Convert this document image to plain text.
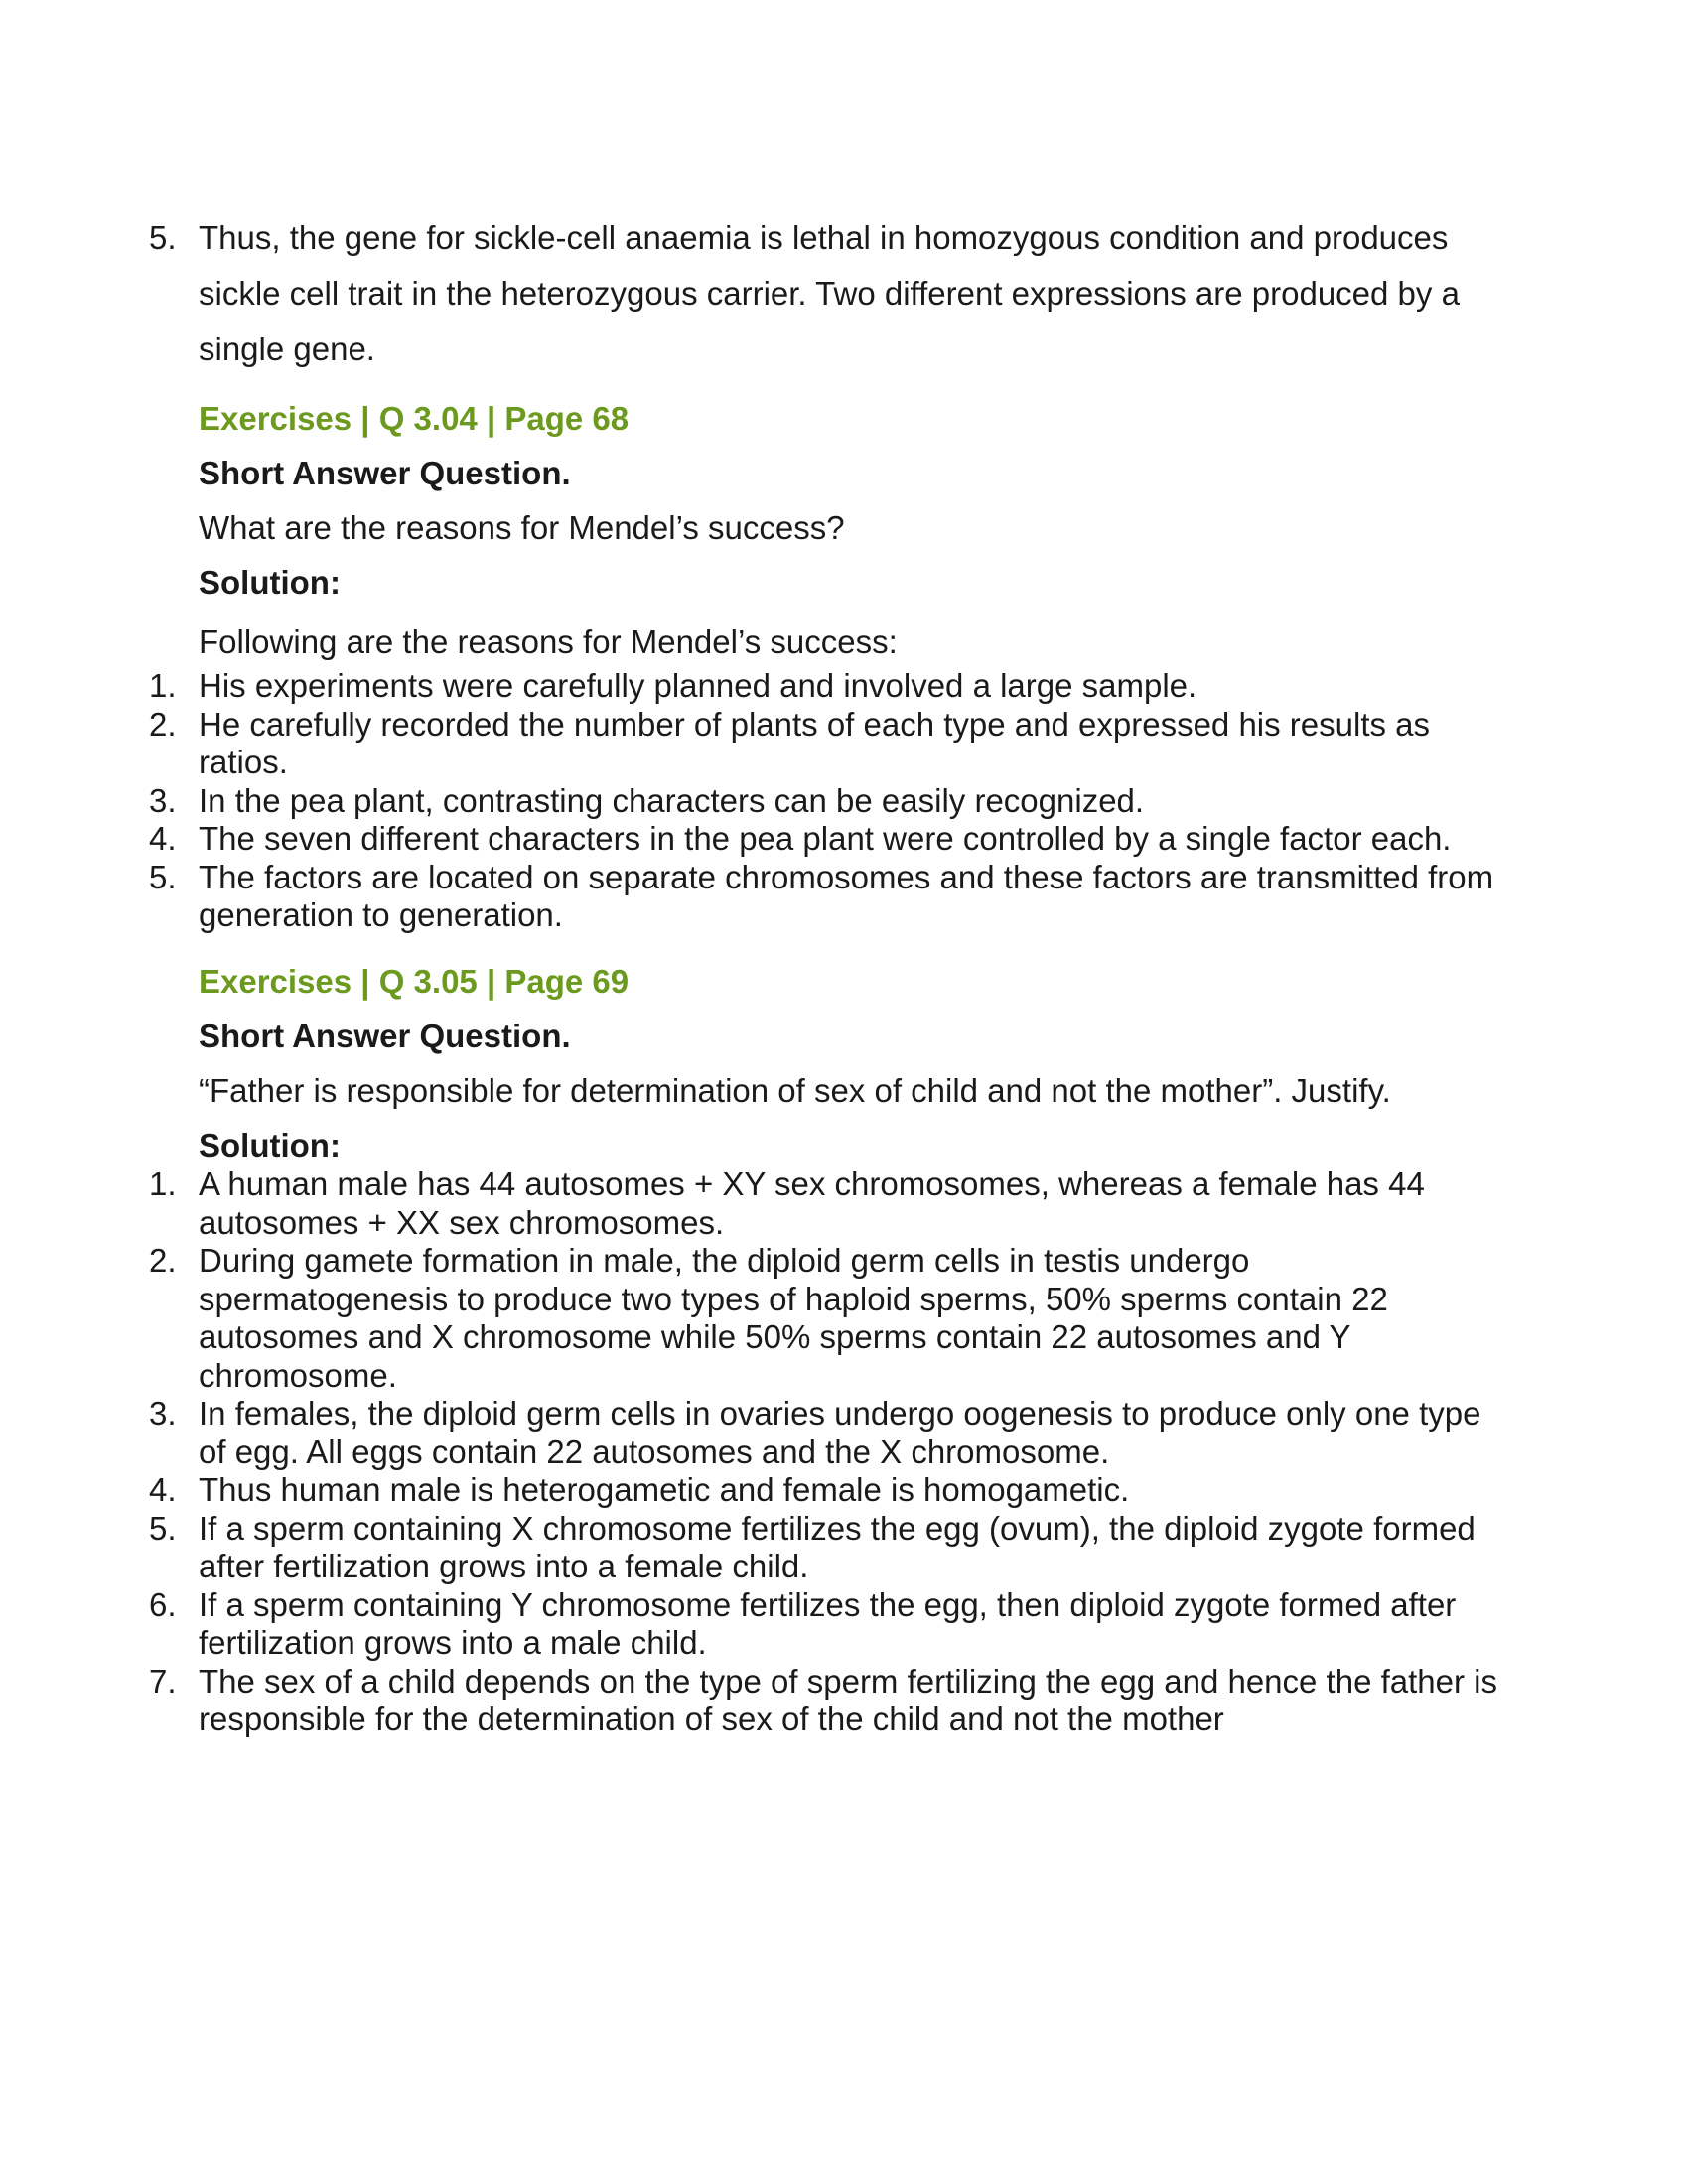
5. Thus, the gene for sickle-cell anaemia is lethal in homozygous condition and produces sickle cell trait in the heterozygous carrier. Two different expressions are produced by a single gene.
Exercises | Q 3.04 | Page 68
Short Answer Question.
What are the reasons for Mendel’s success?
Solution:
Following are the reasons for Mendel’s success:
1. His experiments were carefully planned and involved a large sample.
2. He carefully recorded the number of plants of each type and expressed his results as ratios.
3. In the pea plant, contrasting characters can be easily recognized.
4. The seven different characters in the pea plant were controlled by a single factor each.
5. The factors are located on separate chromosomes and these factors are transmitted from generation to generation.
Exercises | Q 3.05 | Page 69
Short Answer Question.
“Father is responsible for determination of sex of child and not the mother”. Justify.
Solution:
1. A human male has 44 autosomes + XY sex chromosomes, whereas a female has 44 autosomes + XX sex chromosomes.
2. During gamete formation in male, the diploid germ cells in testis undergo spermatogenesis to produce two types of haploid sperms, 50% sperms contain 22 autosomes and X chromosome while 50% sperms contain 22 autosomes and Y chromosome.
3. In females, the diploid germ cells in ovaries undergo oogenesis to produce only one type of egg. All eggs contain 22 autosomes and the X chromosome.
4. Thus human male is heterogametic and female is homogametic.
5. If a sperm containing X chromosome fertilizes the egg (ovum), the diploid zygote formed after fertilization grows into a female child.
6. If a sperm containing Y chromosome fertilizes the egg, then diploid zygote formed after fertilization grows into a male child.
7. The sex of a child depends on the type of sperm fertilizing the egg and hence the father is responsible for the determination of sex of the child and not the mother
